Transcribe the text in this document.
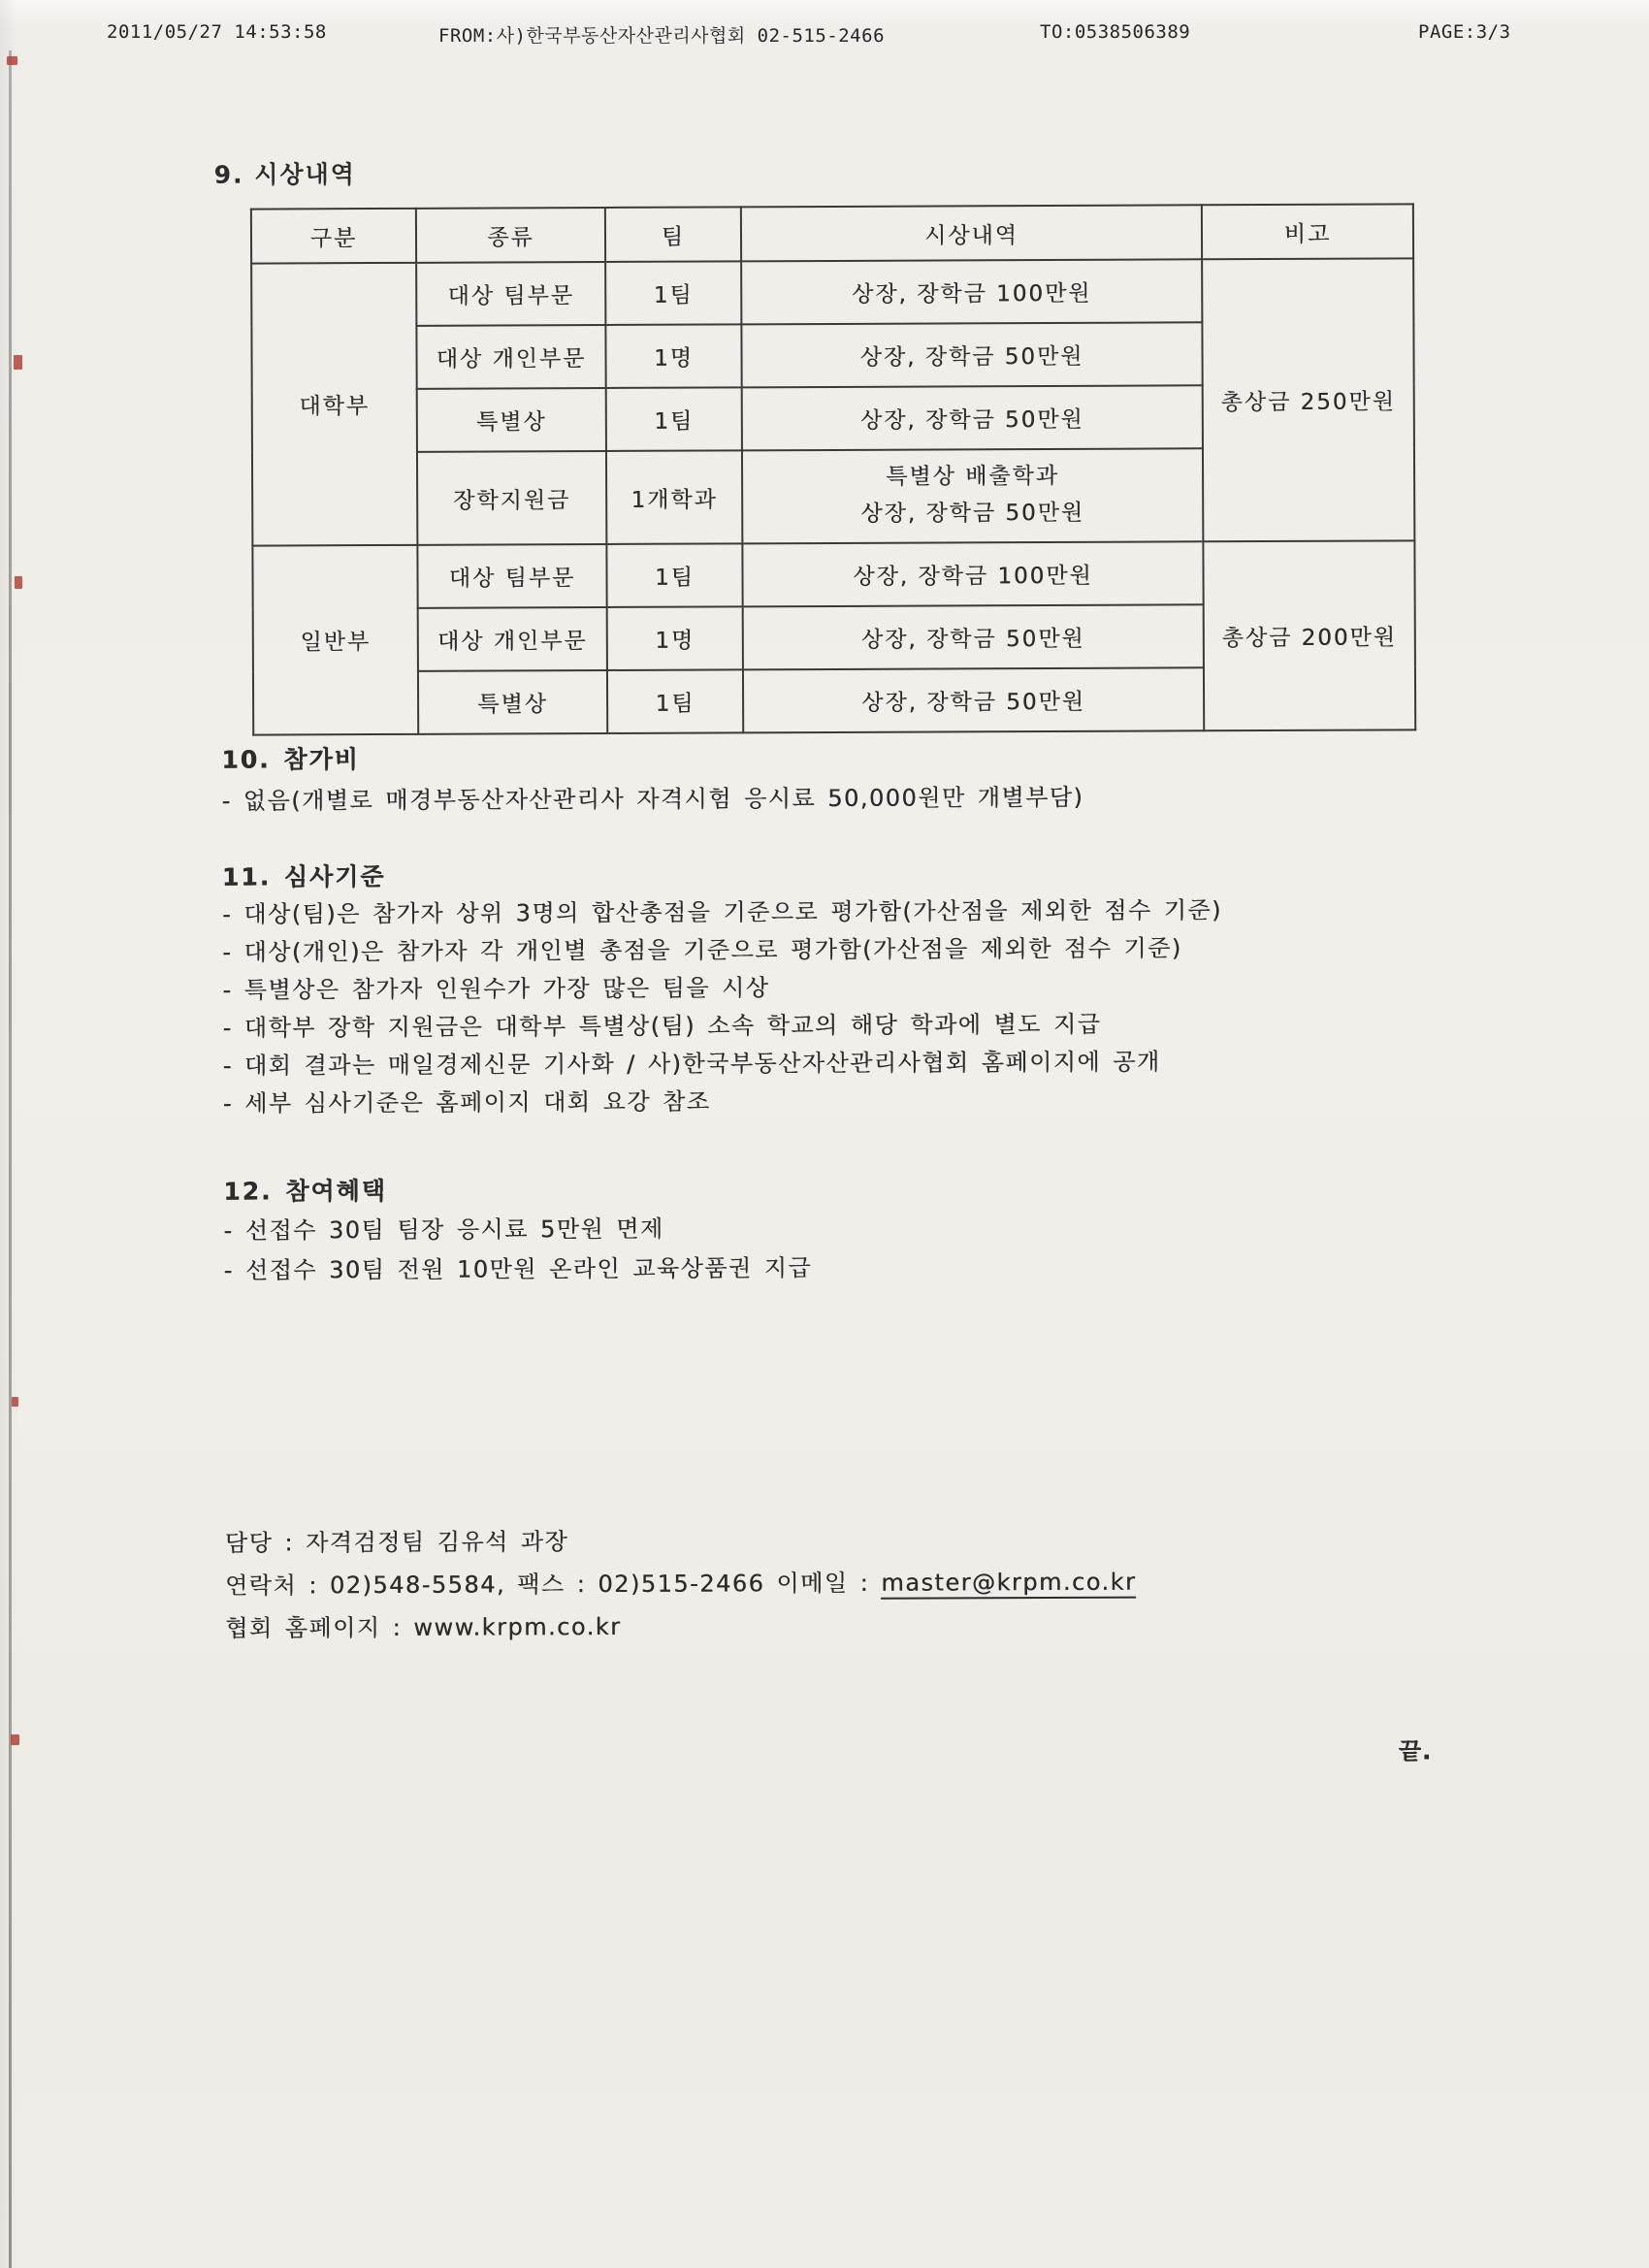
2011/05/27 14:53:58	FROM:사)한국부동산자산관리사협회 02-515-2466	TO:0538506389	PAGE:3/3
9. 시상내역
구분	종류	팀	시상내역	비고
대학부	대상 팀부문	1팀	상장, 장학금 100만원	총상금 250만원
	대상 개인부문	1명	상장, 장학금 50만원	
	특별상	1팀	상장, 장학금 50만원	
	장학지원금	1개학과	특별상 배출학과
상장, 장학금 50만원	

일반부	대상 팀부문	1팀	상장, 장학금 100만원	총상금 200만원
	대상 개인부문	1명	상장, 장학금 50만원	
	특별상	1팀	상장, 장학금 50만원	

10. 참가비

- 없음(개별로 매경부동산자산관리사 자격시험 응시료 50,000원만 개별부담)

11. 심사기준

- 대상(팀)은 참가자 상위 3명의 합산총점을 기준으로 평가함(가산점을 제외한 점수 기준)

- 대상(개인)은 참가자 각 개인별 총점을 기준으로 평가함(가산점을 제외한 점수 기준)

- 특별상은 참가자 인원수가 가장 많은 팀을 시상

- 대학부 장학 지원금은 대학부 특별상(팀) 소속 학교의 해당 학과에 별도 지급

- 대회 결과는 매일경제신문 기사화 / 사)한국부동산자산관리사협회 홈페이지에 공개

- 세부 심사기준은 홈페이지 대회 요강 참조

12. 참여혜택

- 선접수 30팀 팀장 응시료 5만원 면제

- 선접수 30팀 전원 10만원 온라인 교육상품권 지급

담당 : 자격검정팀 김유석 과장

연락처 : 02)548-5584, 팩스 : 02)515-2466 이메일 : master@krpm.co.kr

협회 홈페이지 : www.krpm.co.kr

끝.
